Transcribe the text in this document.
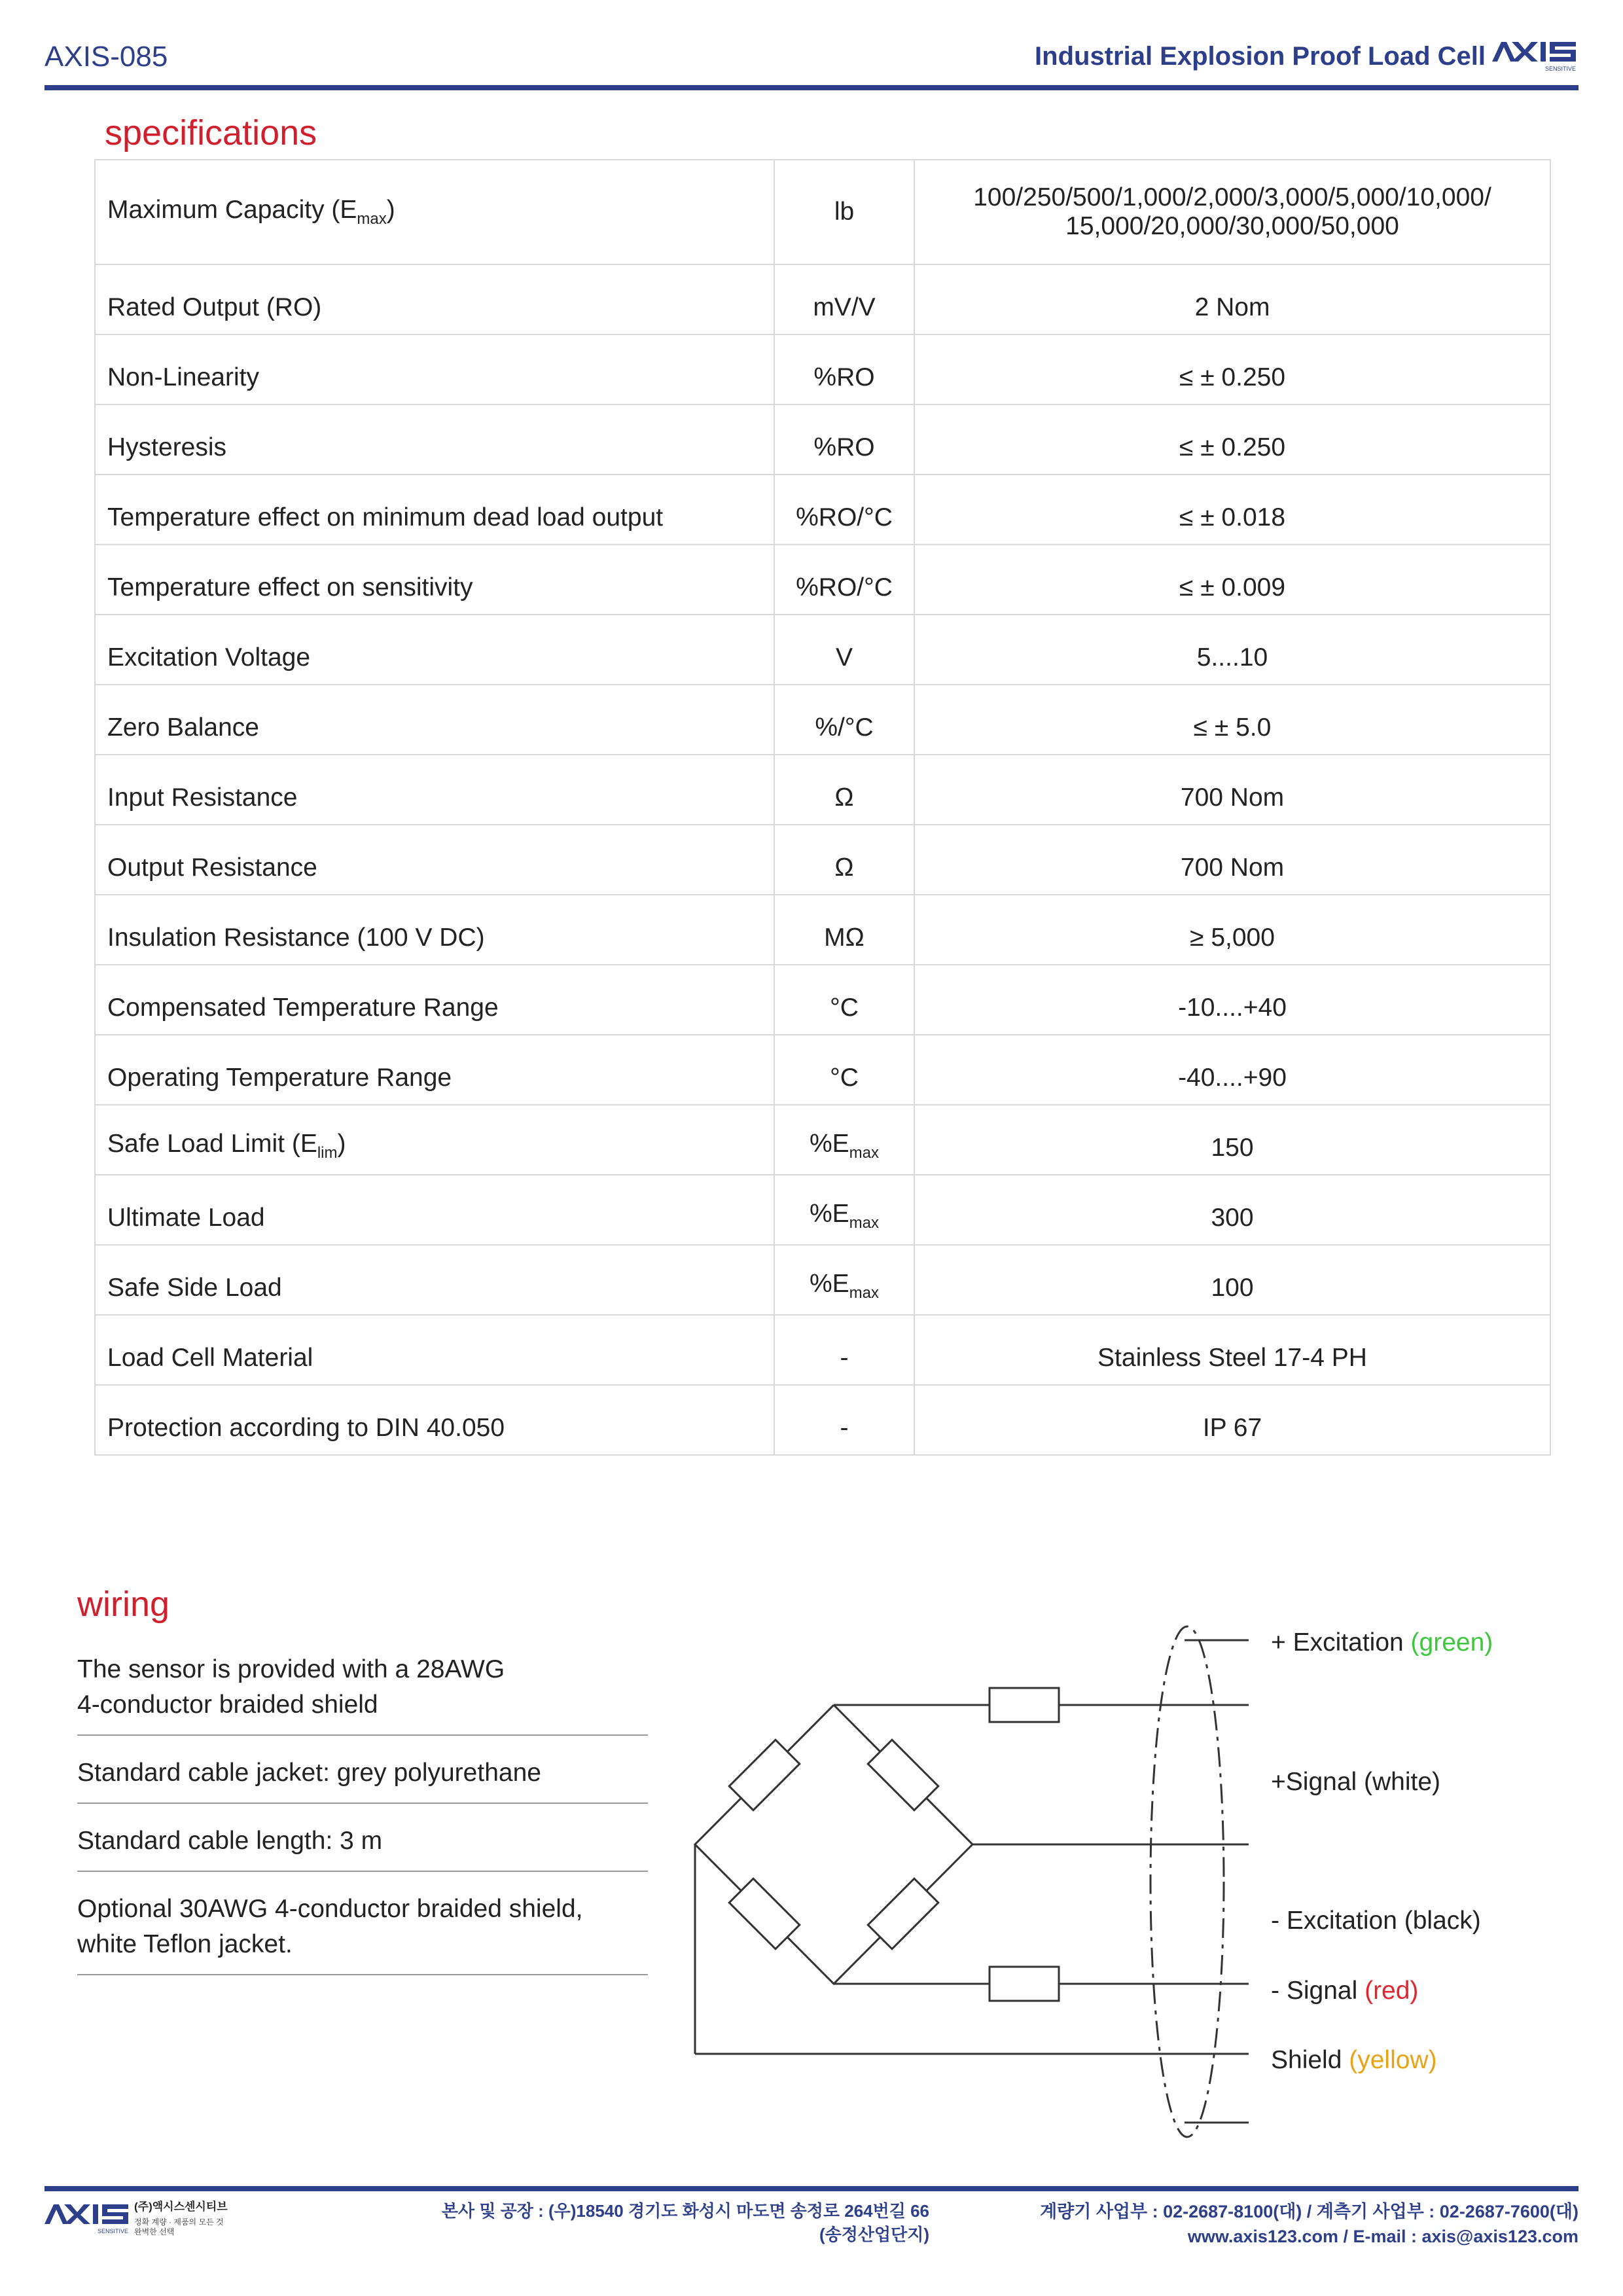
AXIS-085	Industrial Explosion Proof Load Cell	SENSITIVE
specifications
Maximum Capacity $(E_{max})$	lb	100/250/500/1,000/2,000/3,000/5,000/10,000/
15,000/20,000/30,000/50,000

Rated Output (RO)	mV/V	2 Nom

Non-Linearity	%RO	≤ ± 0.250

Hysteresis	%RO	≤ ± 0.250

Temperature effect on minimum dead load output	%RO/°C	≤ ± 0.018

Temperature effect on sensitivity	%RO/°C	≤ ± 0.009

Excitation Voltage	V	5....10

Zero Balance	%/°C	≤ ± 5.0

Input Resistance	Ω	700 Nom

Output Resistance	Ω	700 Nom

Insulation Resistance (100 V DC)	MΩ	≥ 5,000

Compensated Temperature Range	°C	-10....+40

Operating Temperature Range	°C	-40....+90

Safe Load Limit $(E_{lim})$	$\%E_{max}$	150

Ultimate Load	$\%E_{max}$	300

Safe Side Load	$\%E_{max}$	100

Load Cell Material	-	Stainless Steel 17-4 PH

Protection according to DIN 40.050	-	IP 67
wiring
The sensor is provided with a 28AWG
4-conductor braided shield
Standard cable jacket: grey polyurethane
Standard cable length: 3 m
Optional 30AWG 4-conductor braided shield,
white Teflon jacket.
+ Excitation (green)
+Signal (white)
- Excitation (black)
- Signal (red)
Shield (yellow)
SENSITIVE
(주)액시스센시티브
정확 계량 · 제품의 모든 것 완벽한 선택
본사 및 공장 : (우)18540 경기도 화성시 마도면 송정로 264번길 66
(송정산업단지)
계량기 사업부 : 02-2687-8100(대) / 계측기 사업부 : 02-2687-7600(대)
www.axis123.com / E-mail : axis@axis123.com
